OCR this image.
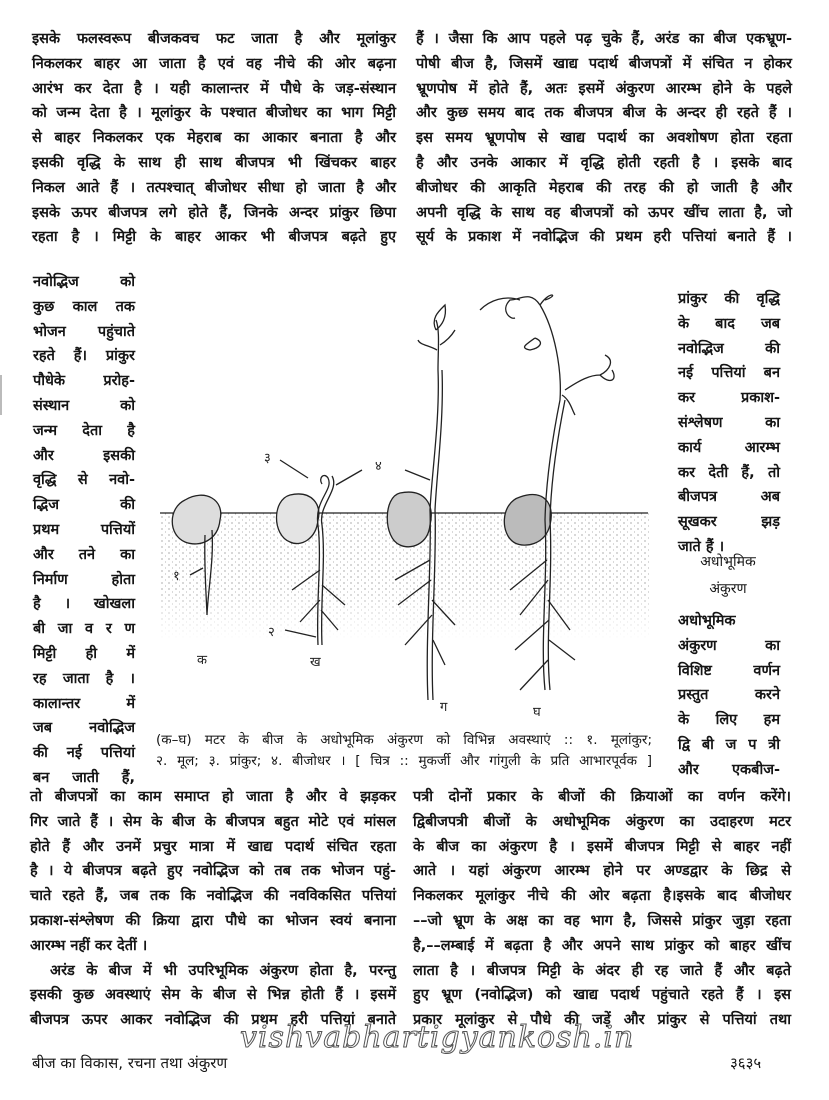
इसके फलस्वरूप बीजकवच फट जाता है और मूलांकुर
निकलकर बाहर आ जाता है एवं वह नीचे की ओर बढ़ना
आरंभ कर देता है । यही कालान्तर में पौधे के जड़-संस्थान
को जन्म देता है । मूलांकुर के पश्चात बीजोधर का भाग मिट्टी
से बाहर निकलकर एक मेहराब का आकार बनाता है और
इसकी वृद्धि के साथ ही साथ बीजपत्र भी खिंचकर बाहर
निकल आते हैं । तत्पश्चात् बीजोधर सीधा हो जाता है और
इसके ऊपर बीजपत्र लगे होते हैं, जिनके अन्दर प्रांकुर छिपा
रहता है । मिट्टी के बाहर आकर भी बीजपत्र बढ़ते हुए
हैं । जैसा कि आप पहले पढ़ चुके हैं, अरंड का बीज एकभ्रूण-
पोषी बीज है, जिसमें खाद्य पदार्थ बीजपत्रों में संचित न होकर
भ्रूणपोष में होते हैं, अतः इसमें अंकुरण आरम्भ होने के पहले
और कुछ समय बाद तक बीजपत्र बीज के अन्दर ही रहते हैं ।
इस समय भ्रूणपोष से खाद्य पदार्थ का अवशोषण होता रहता
है और उनके आकार में वृद्धि होती रहती है । इसके बाद
बीजोधर की आकृति मेहराब की तरह की हो जाती है और
अपनी वृद्धि के साथ वह बीजपत्रों को ऊपर खींच लाता है, जो
सूर्य के प्रकाश में नवोद्भिज की प्रथम हरी पत्तियां बनाते हैं ।
नवोद्भिज को
कुछ काल तक
भोजन पहुंचाते
रहते हैं। प्रांकुर
पौधेके प्ररोह-
संस्थान को
जन्म देता है
और इसकी
वृद्धि से नवो-
द्भिज की
प्रथम पत्तियों
और तने का
निर्माण होता
है । खोखला
बी जा व र ण
मिट्टी ही में
रह जाता है ।
कालान्तर में
जब नवोद्भिज
की नई पत्तियां
बन जाती हैं,
प्रांकुर की वृद्धि
के बाद जब
नवोद्भिज की
नई पत्तियां बन
कर प्रकाश-
संश्लेषण का
कार्य आरम्भ
कर देती हैं, तो
बीजपत्र अब
सूखकर झड़
जाते हैं ।
अधोभूमिक
अंकुरण
अधोभूमिक
अंकुरण का
विशिष्ट वर्णन
प्रस्तुत करने
के लिए हम
द्वि बी ज प त्री
और एकबीज-
१
२
३
४
क	ख
ग	घ
(क–घ) मटर के बीज के अधोभूमिक अंकुरण को विभिन्न अवस्थाएं :: १. मूलांकुर;
२. मूल; ३. प्रांकुर; ४. बीजोधर । [ चित्र :: मुकर्जी और गांगुली के प्रति आभारपूर्वक ]
तो बीजपत्रों का काम समाप्त हो जाता है और वे झड़कर
गिर जाते हैं । सेम के बीज के बीजपत्र बहुत मोटे एवं मांसल
होते हैं और उनमें प्रचुर मात्रा में खाद्य पदार्थ संचित रहता
है । ये बीजपत्र बढ़ते हुए नवोद्भिज को तब तक भोजन पहुं-
चाते रहते हैं, जब तक कि नवोद्भिज की नवविकसित पत्तियां
प्रकाश-संश्लेषण की क्रिया द्वारा पौधे का भोजन स्वयं बनाना
आरम्भ नहीं कर देतीं ।
अरंड के बीज में भी उपरिभूमिक अंकुरण होता है, परन्तु
इसकी कुछ अवस्थाएं सेम के बीज से भिन्न होती हैं । इसमें
बीजपत्र ऊपर आकर नवोद्भिज की प्रथम हरी पत्तियां बनाते
पत्री दोनों प्रकार के बीजों की क्रियाओं का वर्णन करेंगे।
द्विबीजपत्री बीजों के अधोभूमिक अंकुरण का उदाहरण मटर
के बीज का अंकुरण है । इसमें बीजपत्र मिट्टी से बाहर नहीं
आते । यहां अंकुरण आरम्भ होने पर अण्डद्वार के छिद्र से
निकलकर मूलांकुर नीचे की ओर बढ़ता है।इसके बाद बीजोधर
––जो भ्रूण के अक्ष का वह भाग है, जिससे प्रांकुर जुड़ा रहता
है,––लम्बाई में बढ़ता है और अपने साथ प्रांकुर को बाहर खींच
लाता है । बीजपत्र मिट्टी के अंदर ही रह जाते हैं और बढ़ते
हुए भ्रूण (नवोद्भिज) को खाद्य पदार्थ पहुंचाते रहते हैं । इस
प्रकार मूलांकुर से पौधे की जड़ें और प्रांकुर से पत्तियां तथा
vishvabhartigyankosh.in
बीज का विकास, रचना तथा अंकुरण	३६३५
